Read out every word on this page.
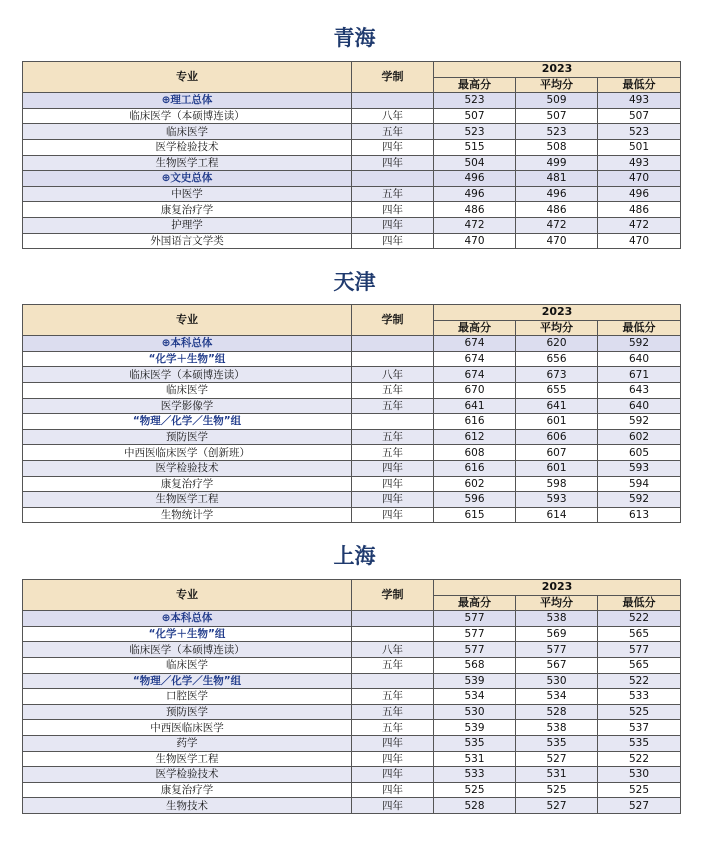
青海
专业	学制	2023		
		最高分	平均分	最低分
⊕理工总体		523	509	493
临床医学（本硕博连读）	八年	507	507	507
临床医学	五年	523	523	523
医学检验技术	四年	515	508	501
生物医学工程	四年	504	499	493
⊕文史总体		496	481	470
中医学	五年	496	496	496
康复治疗学	四年	486	486	486
护理学	四年	472	472	472
外国语言文学类	四年	470	470	470
天津
专业	学制	2023		
		最高分	平均分	最低分
⊕本科总体		674	620	592
“化学＋生物”组		674	656	640
临床医学（本硕博连读）	八年	674	673	671
临床医学	五年	670	655	643
医学影像学	五年	641	641	640
“物理／化学／生物”组		616	601	592
预防医学	五年	612	606	602
中西医临床医学（创新班）	五年	608	607	605
医学检验技术	四年	616	601	593
康复治疗学	四年	602	598	594
生物医学工程	四年	596	593	592
生物统计学	四年	615	614	613
上海
专业	学制	2023		
		最高分	平均分	最低分
⊕本科总体		577	538	522
“化学＋生物”组		577	569	565
临床医学（本硕博连读）	八年	577	577	577
临床医学	五年	568	567	565
“物理／化学／生物”组		539	530	522
口腔医学	五年	534	534	533
预防医学	五年	530	528	525
中西医临床医学	五年	539	538	537
药学	四年	535	535	535
生物医学工程	四年	531	527	522
医学检验技术	四年	533	531	530
康复治疗学	四年	525	525	525
生物技术	四年	528	527	527
